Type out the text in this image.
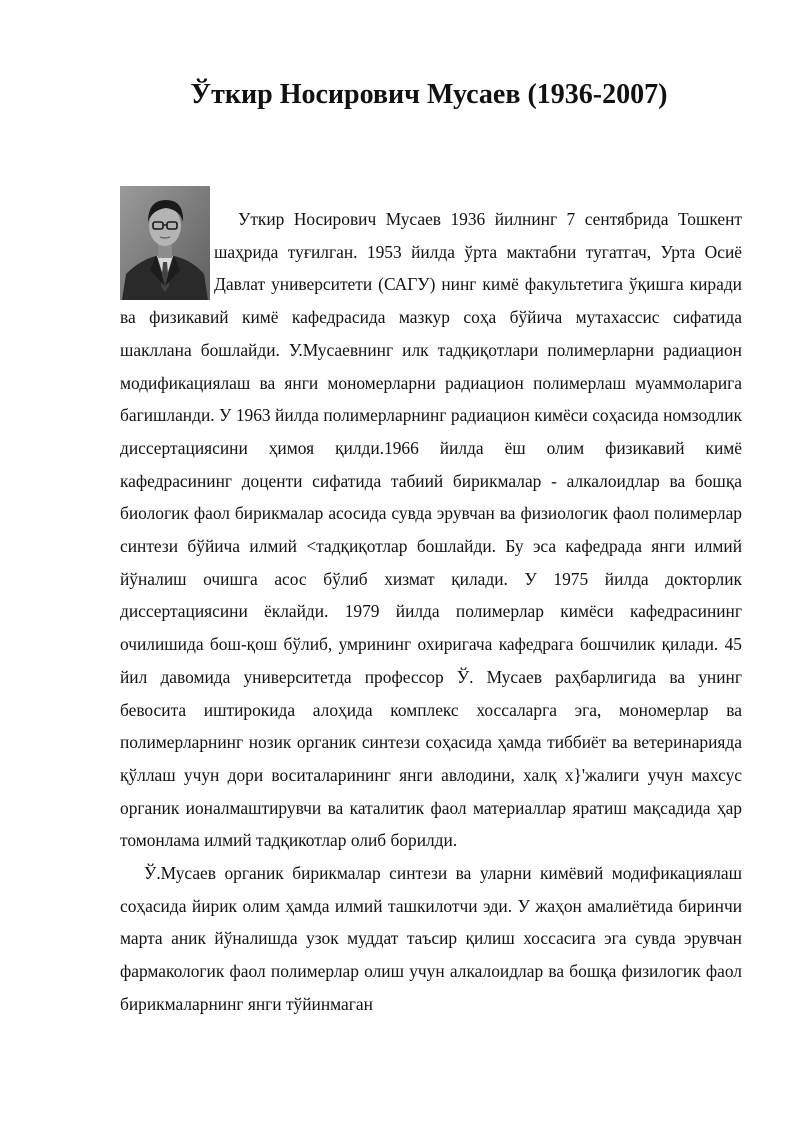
Ўткир Носирович Мусаев (1936-2007)

Уткир Носирович Мусаев 1936 йилнинг 7 сентябрида Тошкент шаҳрида туғилган. 1953 йилда ўрта мактабни тугатгач, Урта Осиё Давлат университети (САГУ) нинг кимё факультетига ўқишга киради ва физикавий кимё кафедрасида мазкур соҳа бўйича мутахассис сифатида шакллана бошлайди. У.Мусаевнинг илк тадқиқотлари полимерларни радиацион модификациялаш ва янги мономерларни радиацион полимерлаш муаммоларига багишланди. У 1963 йилда полимерларнинг радиацион кимёси соҳасида номзодлик диссертациясини ҳимоя қилди.1966 йилда ёш олим физикавий кимё кафедрасининг доценти сифатида табиий бирикмалар - алкалоидлар ва бошқа биологик фаол бирикмалар асосида сувда эрувчан ва физиологик фаол полимерлар синтези бўйича илмий <тадқиқотлар бошлайди. Бу эса кафедрада янги илмий йўналиш очишга асос бўлиб хизмат қилади. У 1975 йилда докторлик диссертациясини ёклайди. 1979 йилда полимерлар кимёси кафедрасининг очилишида бош-қош бўлиб, умрининг охиригача кафедрага бошчилик қилади. 45 йил давомида университетда профессор Ў. Мусаев раҳбарлигида ва унинг бевосита иштирокида алоҳида комплекс хоссаларга эга, мономерлар ва полимерларнинг нозик органик синтези соҳасида ҳамда тиббиёт ва ветеринарияда қўллаш учун дори воситаларининг янги авлодини, халқ х}'жалиги учун махсус органик ионалмаштирувчи ва каталитик фаол материаллар яратиш мақсадида ҳар томонлама илмий тадқикотлар олиб борилди.

Ў.Мусаев органик бирикмалар синтези ва уларни кимёвий модификациялаш соҳасида йирик олим ҳамда илмий ташкилотчи эди. У жаҳон амалиётида биринчи марта аник йўналишда узок муддат таъсир қилиш хоссасига эга сувда эрувчан фармакологик фаол полимерлар олиш учун алкалоидлар ва бошқа физилогик фаол бирикмаларнинг янги тўйинмаган
